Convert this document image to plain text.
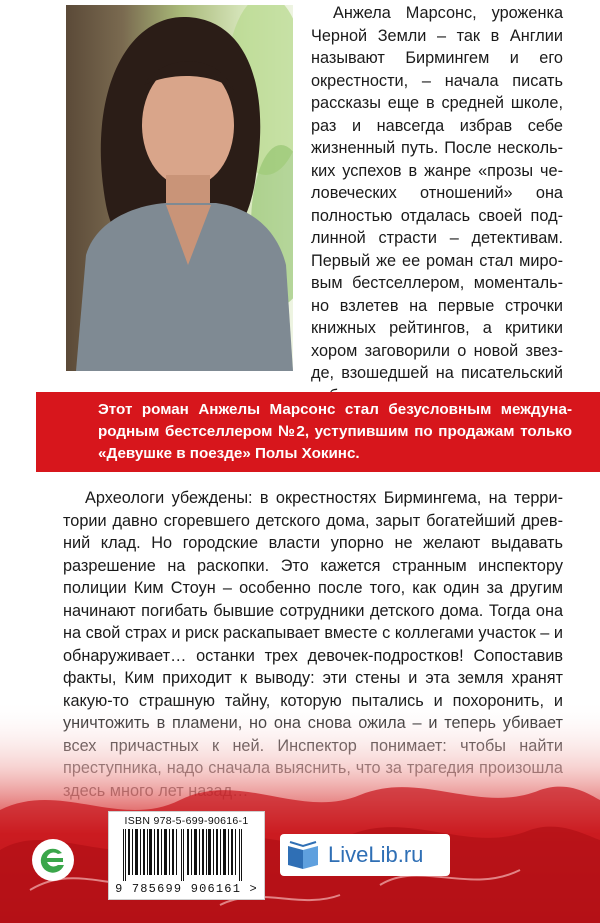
Анжела Марсонс, уроженка Черной Земли – так в Англии называют Бирмингем и его окрестности, – начала писать рассказы еще в средней школе, раз и навсегда избрав себе жизненный путь. После нескольких успехов в жанре «прозы человеческих отношений» она полностью отдалась своей подлинной страсти – детективам. Первый же ее роман стал мировым бестселлером, моментально взлетев на первые строчки книжных рейтингов, а критики хором заговорили о новой звезде, взошедшей на писательский

Этот роман Анжелы Марсонс стал безусловным международным бестселлером №2, уступившим по продажам только «Девушке в поезде» Полы Хокинс.

Археологи убеждены: в окрестностях Бирмингема, на территории давно сгоревшего детского дома, зарыт богатейший древний клад. Но городские власти упорно не желают выдавать разрешение на раскопки. Это кажется странным инспектору полиции Ким Стоун – особенно после того, как один за другим начинают погибать бывшие сотрудники детского дома. Тогда она на свой страх и риск раскапывает вместе с коллегами участок – и обнаруживает… останки трех девочек-подростков! Сопоставив факты, Ким приходит к выводу: эти стены и эта земля хранят

ISBN 978-5-699-90616-1
9 785699 906161 >
LiveLib.ru
